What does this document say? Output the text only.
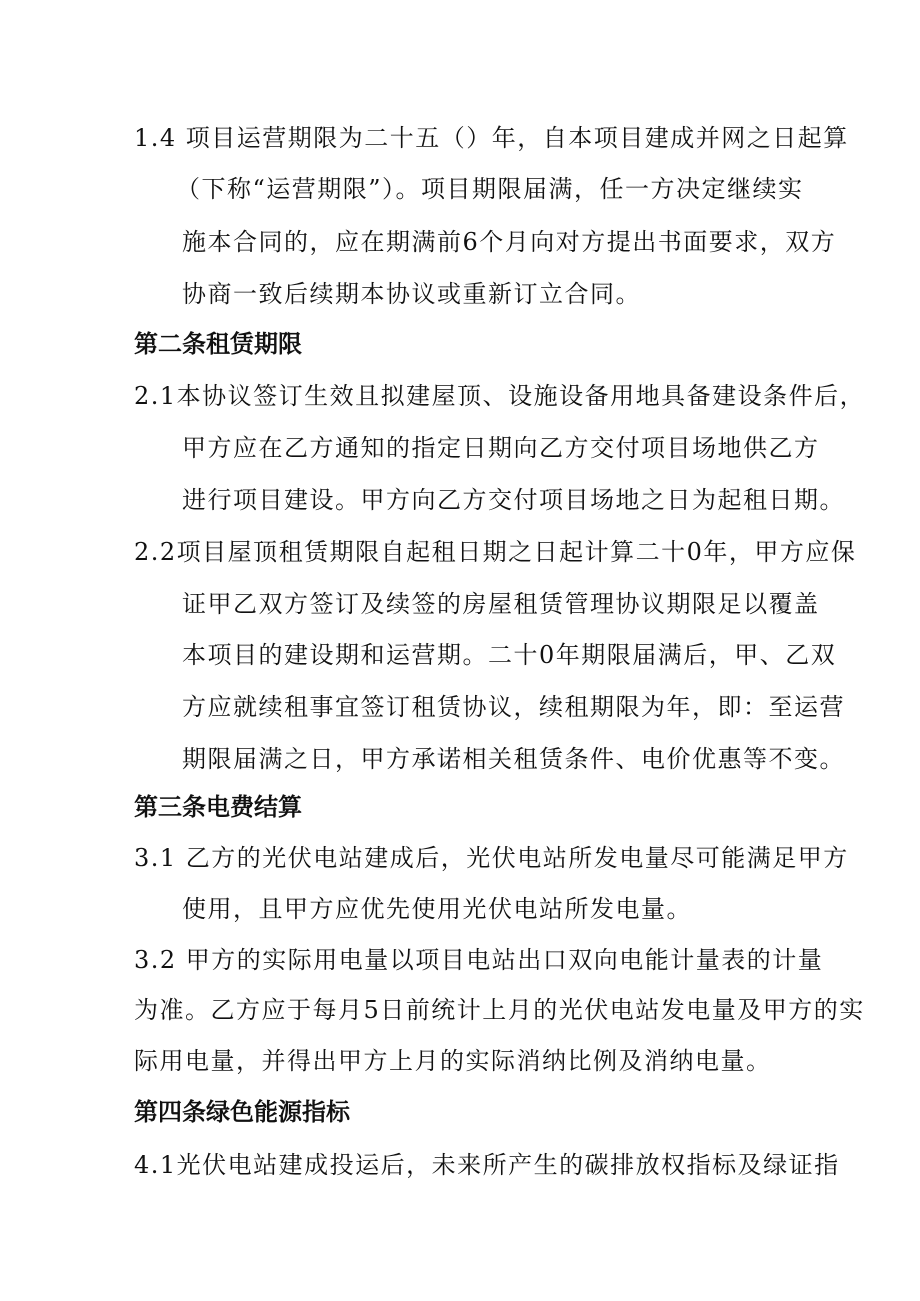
1.4 项目运营期限为二十五（）年，自本项目建成并网之日起算
（下称“运营期限”）。项目期限届满，任一方决定继续实
施本合同的，应在期满前6个月向对方提出书面要求，双方
协商一致后续期本协议或重新订立合同。
第二条租赁期限
2.1本协议签订生效且拟建屋顶、设施设备用地具备建设条件后，
甲方应在乙方通知的指定日期向乙方交付项目场地供乙方
进行项目建设。甲方向乙方交付项目场地之日为起租日期。
2.2项目屋顶租赁期限自起租日期之日起计算二十0年，甲方应保
证甲乙双方签订及续签的房屋租赁管理协议期限足以覆盖
本项目的建设期和运营期。二十0年期限届满后，甲、乙双
方应就续租事宜签订租赁协议，续租期限为年，即：至运营
期限届满之日，甲方承诺相关租赁条件、电价优惠等不变。
第三条电费结算
3.1 乙方的光伏电站建成后，光伏电站所发电量尽可能满足甲方
使用，且甲方应优先使用光伏电站所发电量。
3.2 甲方的实际用电量以项目电站出口双向电能计量表的计量
为准。乙方应于每月5日前统计上月的光伏电站发电量及甲方的实
际用电量，并得出甲方上月的实际消纳比例及消纳电量。
第四条绿色能源指标
4.1光伏电站建成投运后，未来所产生的碳排放权指标及绿证指
